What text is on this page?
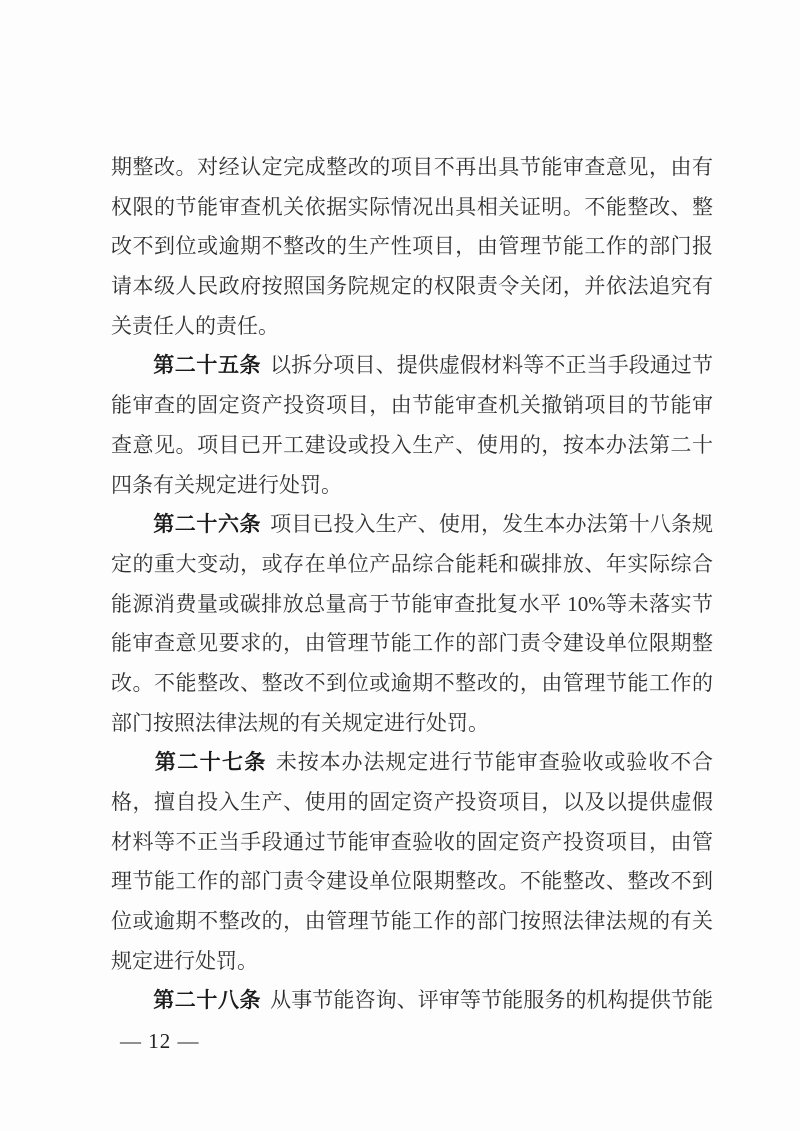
期整改。对经认定完成整改的项目不再出具节能审查意见，由有
权限的节能审查机关依据实际情况出具相关证明。不能整改、整
改不到位或逾期不整改的生产性项目，由管理节能工作的部门报
请本级人民政府按照国务院规定的权限责令关闭，并依法追究有
关责任人的责任。
　　第二十五条 以拆分项目、提供虚假材料等不正当手段通过节
能审查的固定资产投资项目，由节能审查机关撤销项目的节能审
查意见。项目已开工建设或投入生产、使用的，按本办法第二十
四条有关规定进行处罚。
　　第二十六条 项目已投入生产、使用，发生本办法第十八条规
定的重大变动，或存在单位产品综合能耗和碳排放、年实际综合
能源消费量或碳排放总量高于节能审查批复水平 10%等未落实节
能审查意见要求的，由管理节能工作的部门责令建设单位限期整
改。不能整改、整改不到位或逾期不整改的，由管理节能工作的
部门按照法律法规的有关规定进行处罚。
　　第二十七条 未按本办法规定进行节能审查验收或验收不合
格，擅自投入生产、使用的固定资产投资项目，以及以提供虚假
材料等不正当手段通过节能审查验收的固定资产投资项目，由管
理节能工作的部门责令建设单位限期整改。不能整改、整改不到
位或逾期不整改的，由管理节能工作的部门按照法律法规的有关
规定进行处罚。
　　第二十八条 从事节能咨询、评审等节能服务的机构提供节能
— 12 —
